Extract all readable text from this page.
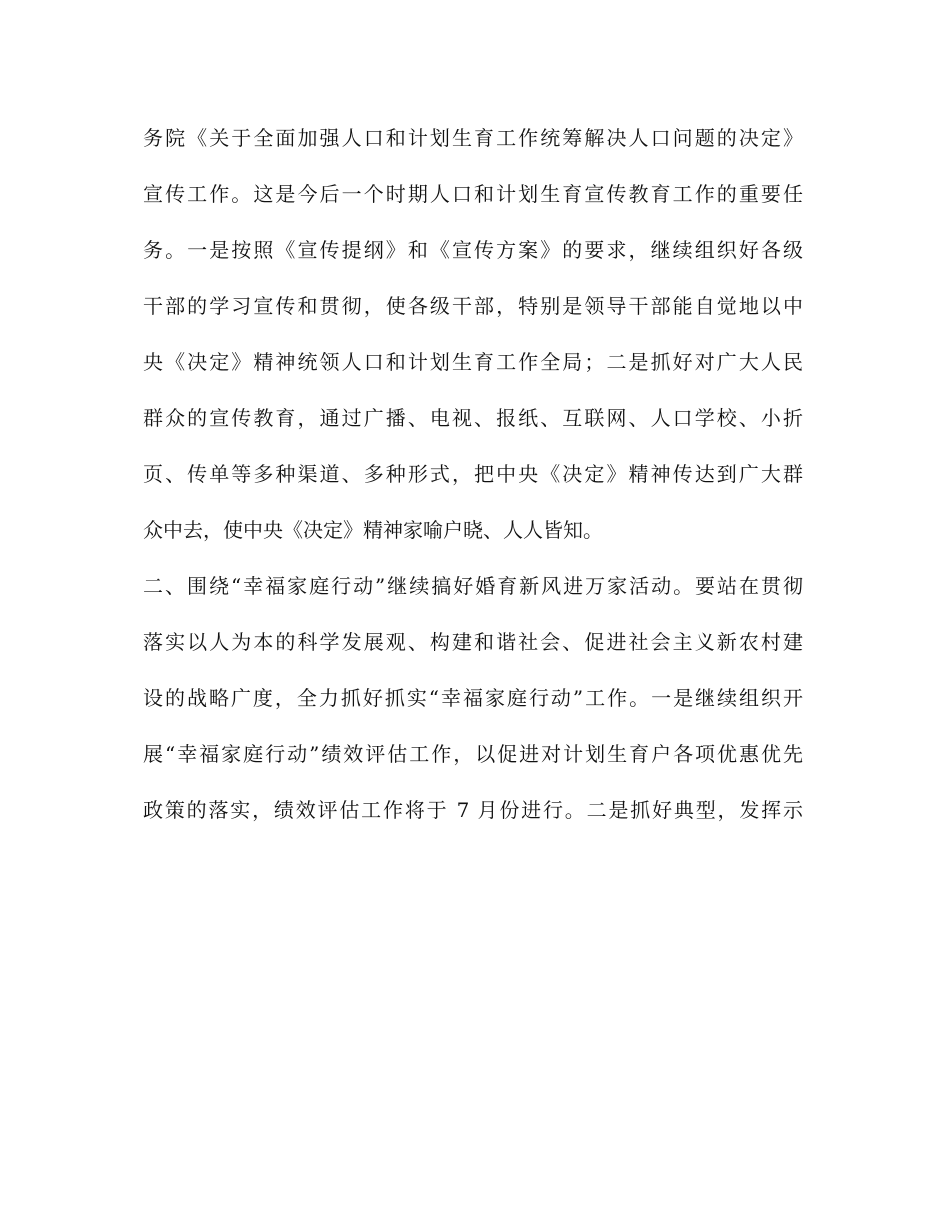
务院《关于全面加强人口和计划生育工作统筹解决人口问题的决定》
宣传工作。这是今后一个时期人口和计划生育宣传教育工作的重要任
务。一是按照《宣传提纲》和《宣传方案》的要求，继续组织好各级
干部的学习宣传和贯彻，使各级干部，特别是领导干部能自觉地以中
央《决定》精神统领人口和计划生育工作全局；二是抓好对广大人民
群众的宣传教育，通过广播、电视、报纸、互联网、人口学校、小折
页、传单等多种渠道、多种形式，把中央《决定》精神传达到广大群
众中去，使中央《决定》精神家喻户晓、人人皆知。
二、围绕“幸福家庭行动”继续搞好婚育新风进万家活动。要站在贯彻
落实以人为本的科学发展观、构建和谐社会、促进社会主义新农村建
设的战略广度，全力抓好抓实“幸福家庭行动”工作。一是继续组织开
展“幸福家庭行动”绩效评估工作，以促进对计划生育户各项优惠优先
政策的落实，绩效评估工作将于 7 月份进行。二是抓好典型，发挥示
